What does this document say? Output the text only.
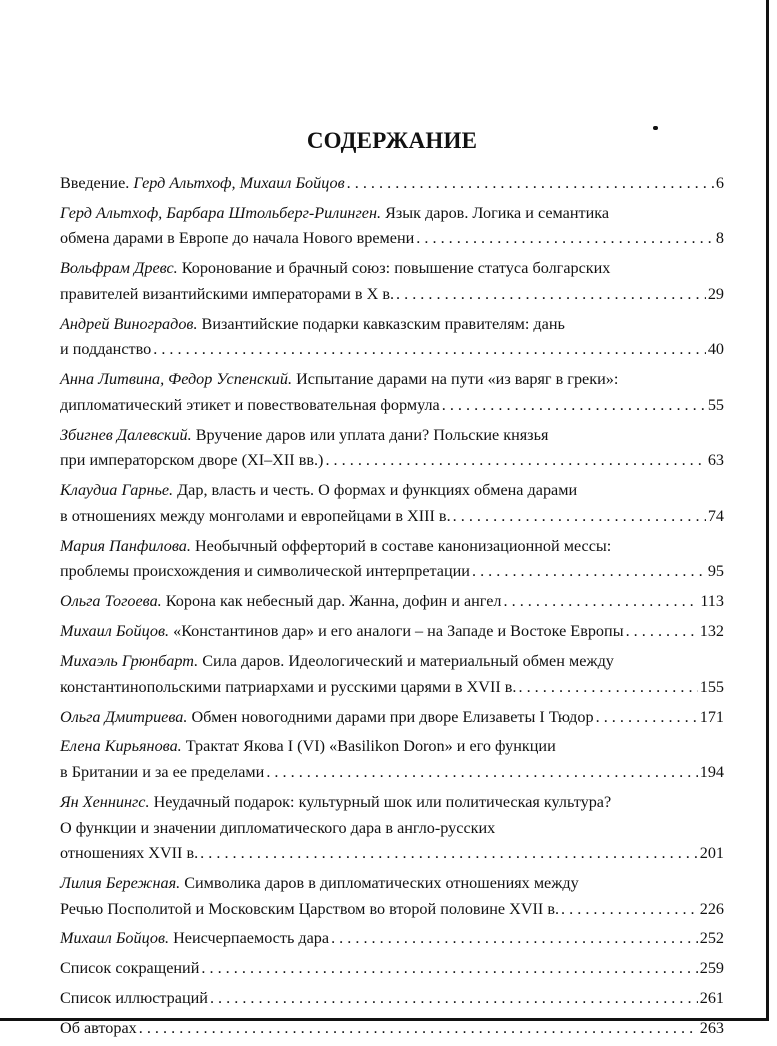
СОДЕРЖАНИЕ
Введение. Герд Альтхоф, Михаил Бойцов . . .	6
Герд Альтхоф, Барбара Штольберг-Рилинген. Язык даров. Логика и семантика
обмена дарами в Европе до начала Нового времени . . .	8
Вольфрам Древс. Коронование и брачный союз: повышение статуса болгарских
правителей византийскими императорами в X в. . . .	29
Андрей Виноградов. Византийские подарки кавказским правителям: дань
и подданство . . .	40
Анна Литвина, Федор Успенский. Испытание дарами на пути «из варяг в греки»:
дипломатический этикет и повествовательная формула . . .	55
Збигнев Далевский. Вручение даров или уплата дани? Польские князья
при императорском дворе (XI–XII вв.) . . .	63
Клаудиа Гарнье. Дар, власть и честь. О формах и функциях обмена дарами
в отношениях между монголами и европейцами в XIII в. . . .	74
Мария Панфилова. Необычный офферторий в составе канонизационной мессы:
проблемы происхождения и символической интерпретации . . .	95
Ольга Тогоева. Корона как небесный дар. Жанна, дофин и ангел . . .	113
Михаил Бойцов. «Константинов дар» и его аналоги – на Западе и Востоке Европы . . .	132
Михаэль Грюнбарт. Сила даров. Идеологический и материальный обмен между
константинопольскими патриархами и русскими царями в XVII в. . . .	155
Ольга Дмитриева. Обмен новогодними дарами при дворе Елизаветы I Тюдор . . .	171
Елена Кирьянова. Трактат Якова I (VI) «Basilikon Doron» и его функции
в Британии и за ее пределами . . .	194
Ян Хеннингс. Неудачный подарок: культурный шок или политическая культура?
О функции и значении дипломатического дара в англо-русских
отношениях XVII в. . . .	201
Лилия Бережная. Символика даров в дипломатических отношениях между
Речью Посполитой и Московским Царством во второй половине XVII в. . . .	226
Михаил Бойцов. Неисчерпаемость дара . . .	252
Список сокращений . . .	259
Список иллюстраций . . .	261
Об авторах . . .	263
